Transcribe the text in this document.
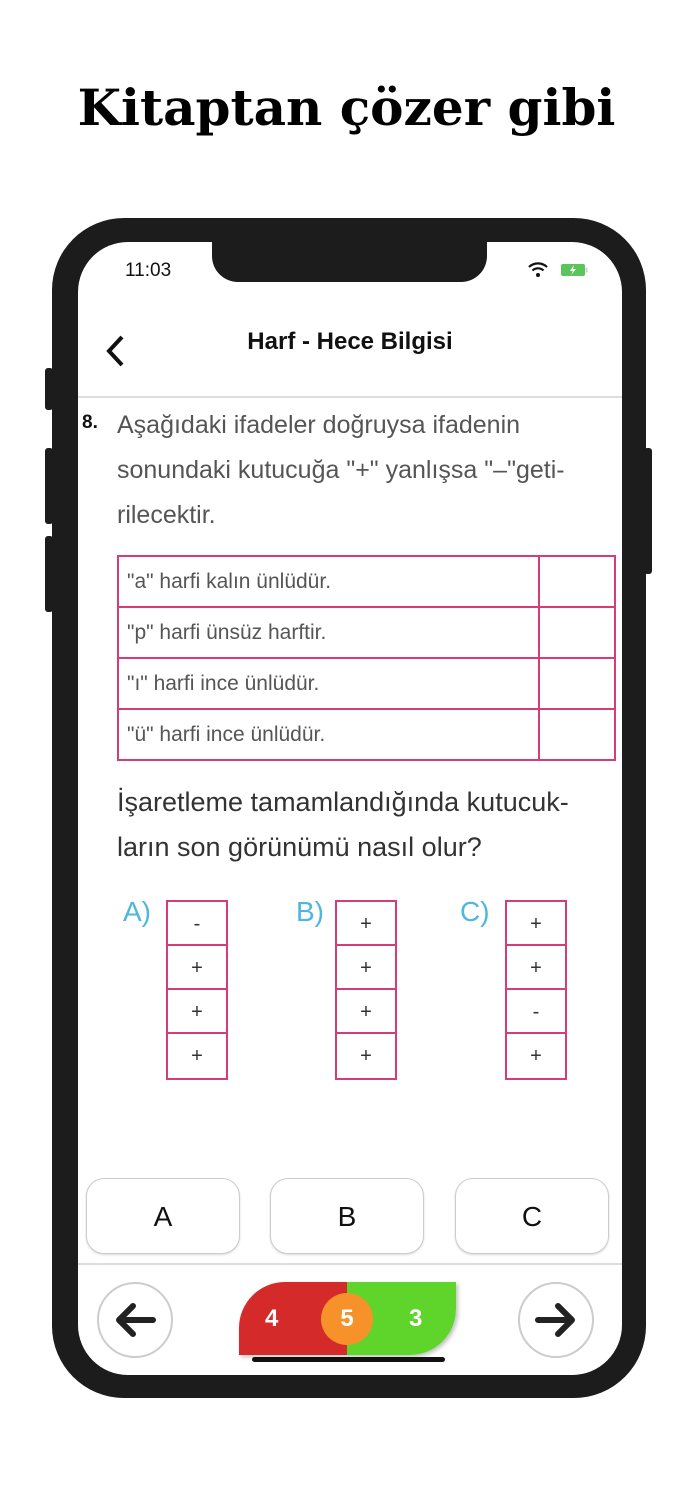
Kitaptan çözer gibi
11:03
Harf - Hece Bilgisi
8. Aşağıdaki ifadeler doğruysa ifadenin
sonundaki kutucuğa "+" yanlışsa "–"geti-
rilecektir.
"a" harfi kalın ünlüdür.	
"p" harfi ünsüz harftir.	
"ı" harfi ince ünlüdür.	
"ü" harfi ince ünlüdür.	
İşaretleme tamamlandığında kutucuk-
ların son görünümü nasıl olur?
A)	-
+
+
+
B)	+
+
+
+
C)	+
+
-
+
A	B	C
4	3
5
